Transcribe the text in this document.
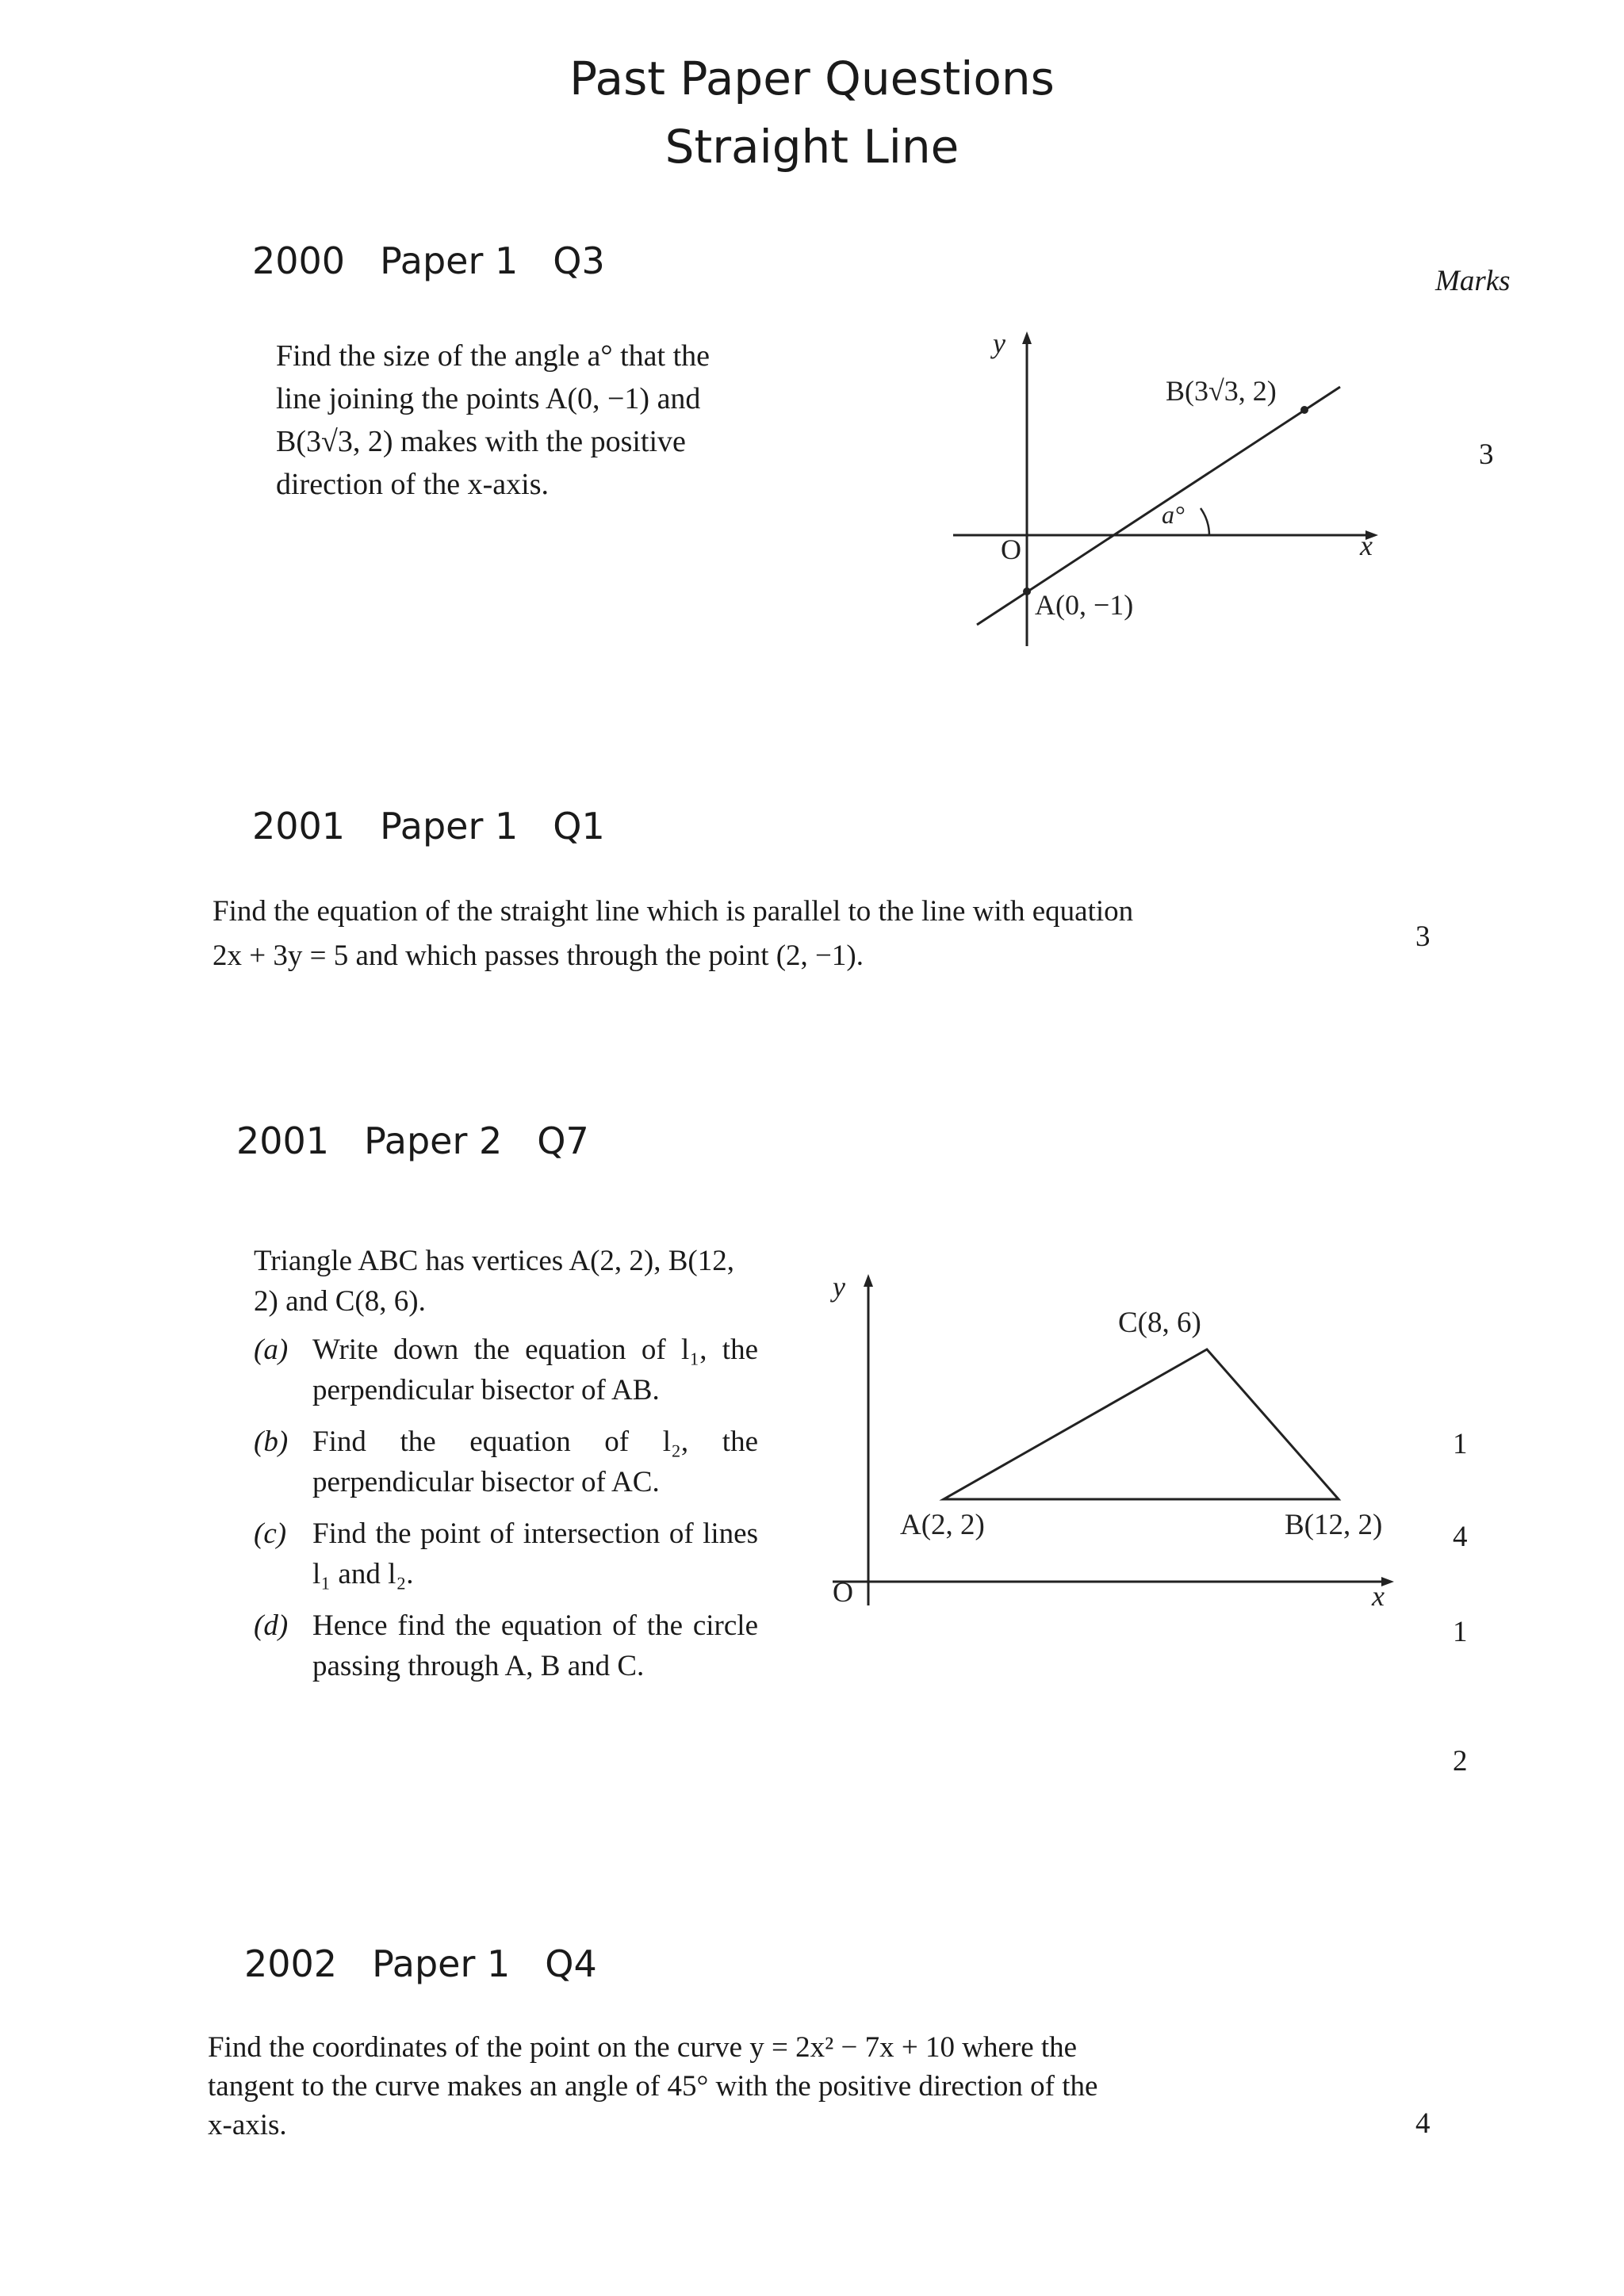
Past Paper Questions
Straight Line
Marks
2000 Paper 1 Q3
Find the size of the angle a° that the
line joining the points A(0, −1) and
B(3√3, 2) makes with the positive
direction of the x-axis.
3
y
x
O
A(0, −1)
B(3√3, 2)
a°
2001 Paper 1 Q1
Find the equation of the straight line which is parallel to the line with equation
2x + 3y = 5 and which passes through the point (2, −1).
3
2001 Paper 2 Q7
Triangle ABC has vertices A(2, 2), B(12, 2) and C(8, 6).
(a) Write down the equation of l₁, the perpendicular bisector of AB.
(b) Find the equation of l₂, the perpendicular bisector of AC.
(c) Find the point of intersection of lines l₁ and l₂.
(d) Hence find the equation of the circle passing through A, B and C.
1
4
1
2
y
x
O
A(2, 2)	B(12, 2)
C(8, 6)
2002 Paper 1 Q4
Find the coordinates of the point on the curve y = 2x² − 7x + 10 where the
tangent to the curve makes an angle of 45° with the positive direction of the
x-axis.	4
